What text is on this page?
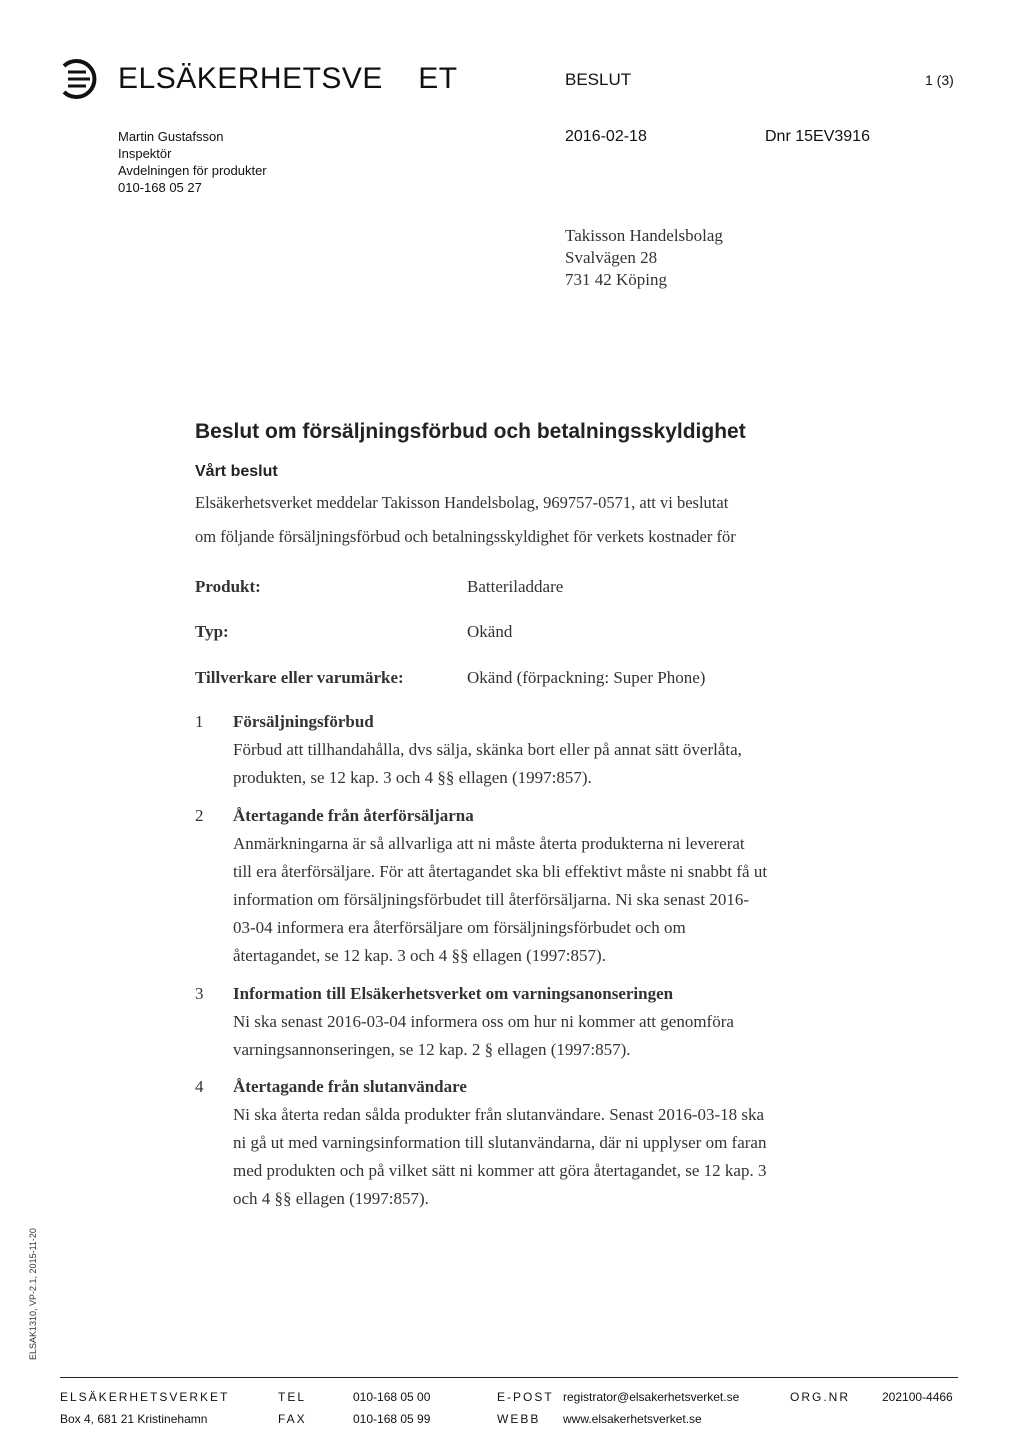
ELSÄKERHETSVE    ET	BESLUT	1 (3)
Martin Gustafsson
Inspektör
Avdelningen för produkter
010-168 05 27
2016-02-18	Dnr 15EV3916
Takisson Handelsbolag
Svalvägen 28
731 42 Köping
Beslut om försäljningsförbud och betalningsskyldighet
Vårt beslut
Elsäkerhetsverket meddelar Takisson Handelsbolag, 969757-0571, att vi beslutat
om följande försäljningsförbud och betalningsskyldighet för verkets kostnader för
Produkt:	Batteriladdare
Typ:	Okänd
Tillverkare eller varumärke:	Okänd (förpackning: Super Phone)
1 Försäljningsförbud
Förbud att tillhandahålla, dvs sälja, skänka bort eller på annat sätt överlåta,
produkten, se 12 kap. 3 och 4 §§ ellagen (1997:857).
2 Återtagande från återförsäljarna
Anmärkningarna är så allvarliga att ni måste återta produkterna ni levererat
till era återförsäljare. För att återtagandet ska bli effektivt måste ni snabbt få ut
information om försäljningsförbudet till återförsäljarna. Ni ska senast 2016-
03-04 informera era återförsäljare om försäljningsförbudet och om
återtagandet, se 12 kap. 3 och 4 §§ ellagen (1997:857).
3 Information till Elsäkerhetsverket om varningsanonseringen
Ni ska senast 2016-03-04 informera oss om hur ni kommer att genomföra
varningsannonseringen, se 12 kap. 2 § ellagen (1997:857).
4 Återtagande från slutanvändare
Ni ska återta redan sålda produkter från slutanvändare. Senast 2016-03-18 ska
ni gå ut med varningsinformation till slutanvändarna, där ni upplyser om faran
med produkten och på vilket sätt ni kommer att göra återtagandet, se 12 kap. 3
och 4 §§ ellagen (1997:857).
ELSAK1310, VP-2.1, 2015-11-20
ELSÄKERHETSVERKET
Box 4, 681 21 Kristinehamn
TEL	010-168 05 00
FAX	010-168 05 99
E-POST registrator@elsakerhetsverket.se
WEBB www.elsakerhetsverket.se
ORG.NR	202100-4466
